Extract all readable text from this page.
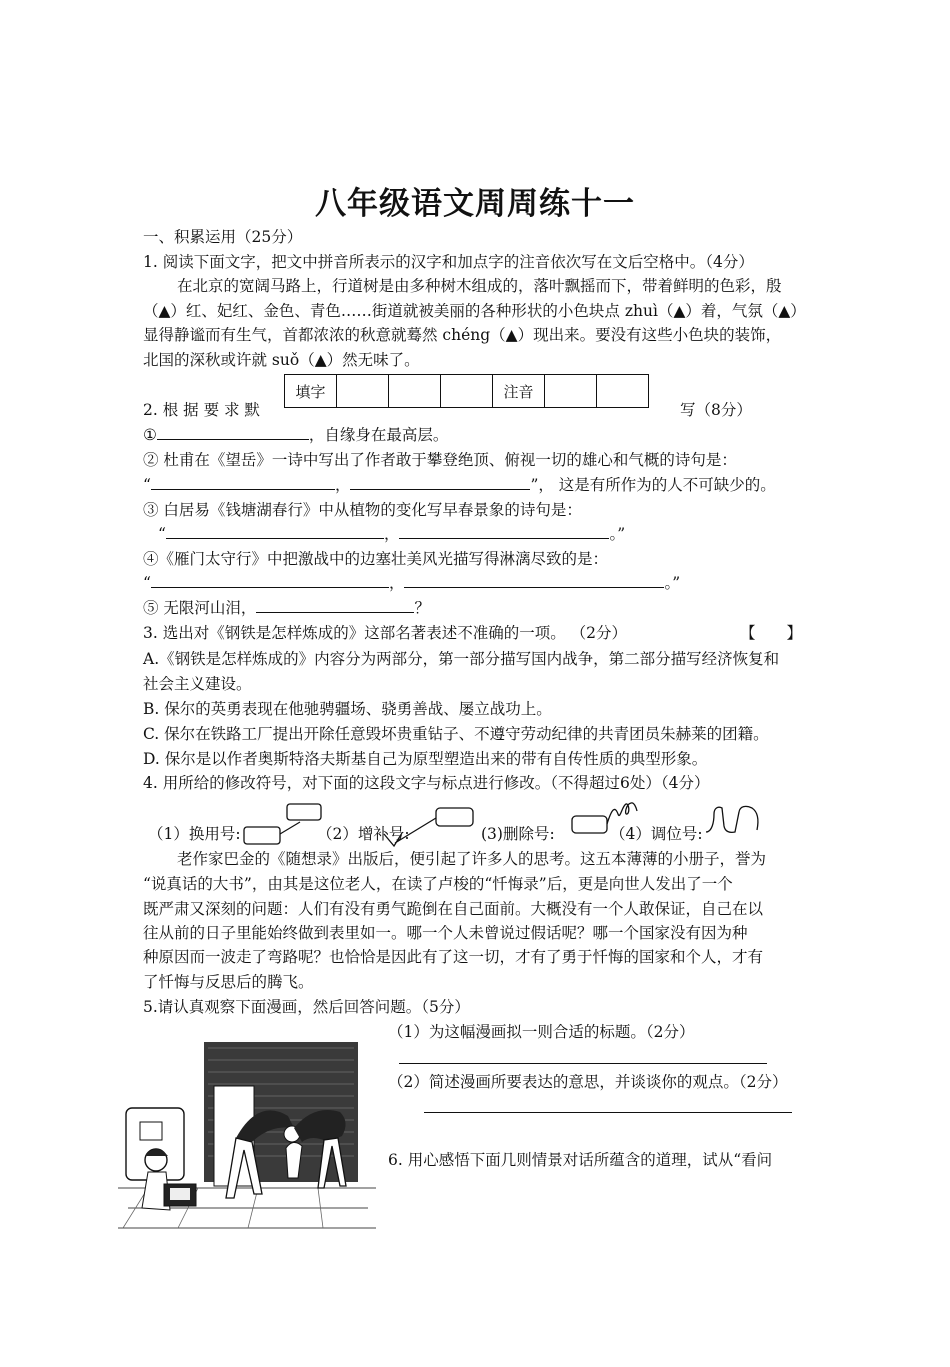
八年级语文周周练十一
一、积累运用（25分）
1. 阅读下面文字，把文中拼音所表示的汉字和加点字的注音依次写在文后空格中。（4分）
在北京的宽阔马路上，行道树是由多种树木组成的，落叶飘摇而下，带着鲜明的色彩，殷
（▲）红、妃红、金色、青色……街道就被美丽的各种形状的小色块点 zhuì（▲）着，气氛（▲）
显得静谧而有生气，首都浓浓的秋意就蓦然 chéng（▲）现出来。要没有这些小色块的装饰，
北国的深秋或许就 suǒ（▲）然无味了。
填字				注音		
2. 根 据 要 求 默	写（8分）
①	，自缘身在最高层。
② 杜甫在《望岳》一诗中写出了作者敢于攀登绝顶、俯视一切的雄心和气概的诗句是：
“	，	”， 这是有所作为的人不可缺少的。
③ 白居易《钱塘湖春行》中从植物的变化写早春景象的诗句是：
“	，	。”
④《雁门太守行》中把激战中的边塞壮美风光描写得淋漓尽致的是：
“	，	。”
⑤ 无限河山泪，	？
3. 选出对《钢铁是怎样炼成的》这部名著表述不准确的一项。 （2分）	【　　】
A.《钢铁是怎样炼成的》内容分为两部分，第一部分描写国内战争，第二部分描写经济恢复和
社会主义建设。
B. 保尔的英勇表现在他驰骋疆场、骁勇善战、屡立战功上。
C. 保尔在铁路工厂提出开除任意毁坏贵重钻子、不遵守劳动纪律的共青团员朱赫莱的团籍。
D. 保尔是以作者奥斯特洛夫斯基自己为原型塑造出来的带有自传性质的典型形象。
4. 用所给的修改符号，对下面的这段文字与标点进行修改。（不得超过6处）（4分）
（1）换用号:	（2）增补号:	(3)删除号:	（4）调位号:
老作家巴金的《随想录》出版后，便引起了许多人的思考。这五本薄薄的小册子，誉为
“说真话的大书”，由其是这位老人，在读了卢梭的“忏悔录”后，更是向世人发出了一个
既严肃又深刻的问题：人们有没有勇气跪倒在自己面前。大概没有一个人敢保证，自己在以
往从前的日子里能始终做到表里如一。哪一个人未曾说过假话呢？哪一个国家没有因为种
种原因而一波走了弯路呢？也恰恰是因此有了这一切，才有了勇于忏悔的国家和个人，才有
了忏悔与反思后的腾飞。
5.请认真观察下面漫画，然后回答问题。（5分）
（1）为这幅漫画拟一则合适的标题。（2分）
（2）简述漫画所要表达的意思，并谈谈你的观点。（2分）
6. 用心感悟下面几则情景对话所蕴含的道理，试从“看问
